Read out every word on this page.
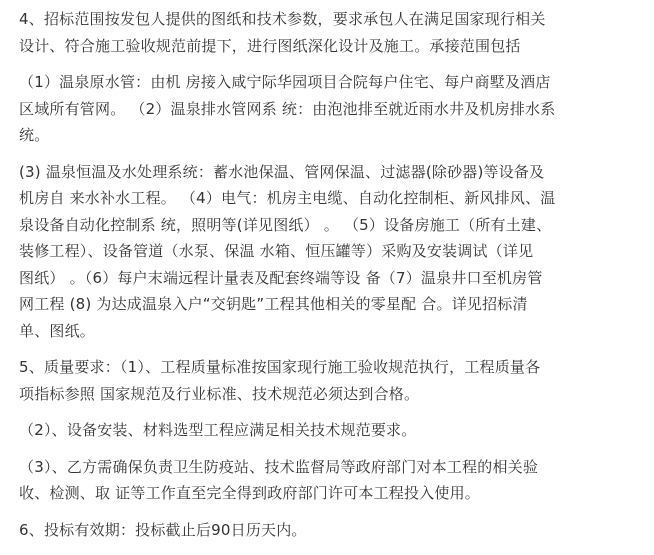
4、招标范围按发包人提供的图纸和技术参数，要求承包人在满足国家现行相关
设计、符合施工验收规范前提下，进行图纸深化设计及施工。承接范围包括

（1）温泉原水管：由机 房接入咸宁际华园项目合院每户住宅、每户商墅及酒店
区域所有管网。 （2）温泉排水管网系 统：由泡池排至就近雨水井及机房排水系
统。

(3) 温泉恒温及水处理系统：蓄水池保温、管网保温、过滤器(除砂器)等设备及
机房自 来水补水工程。 （4）电气：机房主电缆、自动化控制柜、新风排风、温
泉设备自动化控制系 统，照明等(详见图纸） 。 （5）设备房施工（所有土建、
装修工程）、设备管道（水泵、保温 水箱、恒压罐等）采购及安装调试（详见
图纸） 。（6）每户末端远程计量表及配套终端等设 备（7）温泉井口至机房管
网工程 (8) 为达成温泉入户“交钥匙”工程其他相关的零星配 合。详见招标清
单、图纸。

5、质量要求：（1）、工程质量标准按国家现行施工验收规范执行，工程质量各
项指标参照 国家规范及行业标准、技术规范必须达到合格。

（2）、设备安装、材料选型工程应满足相关技术规范要求。

（3）、乙方需确保负责卫生防疫站、技术监督局等政府部门对本工程的相关验
收、检测、取 证等工作直至完全得到政府部门许可本工程投入使用。

6、投标有效期：投标截止后90日历天内。
